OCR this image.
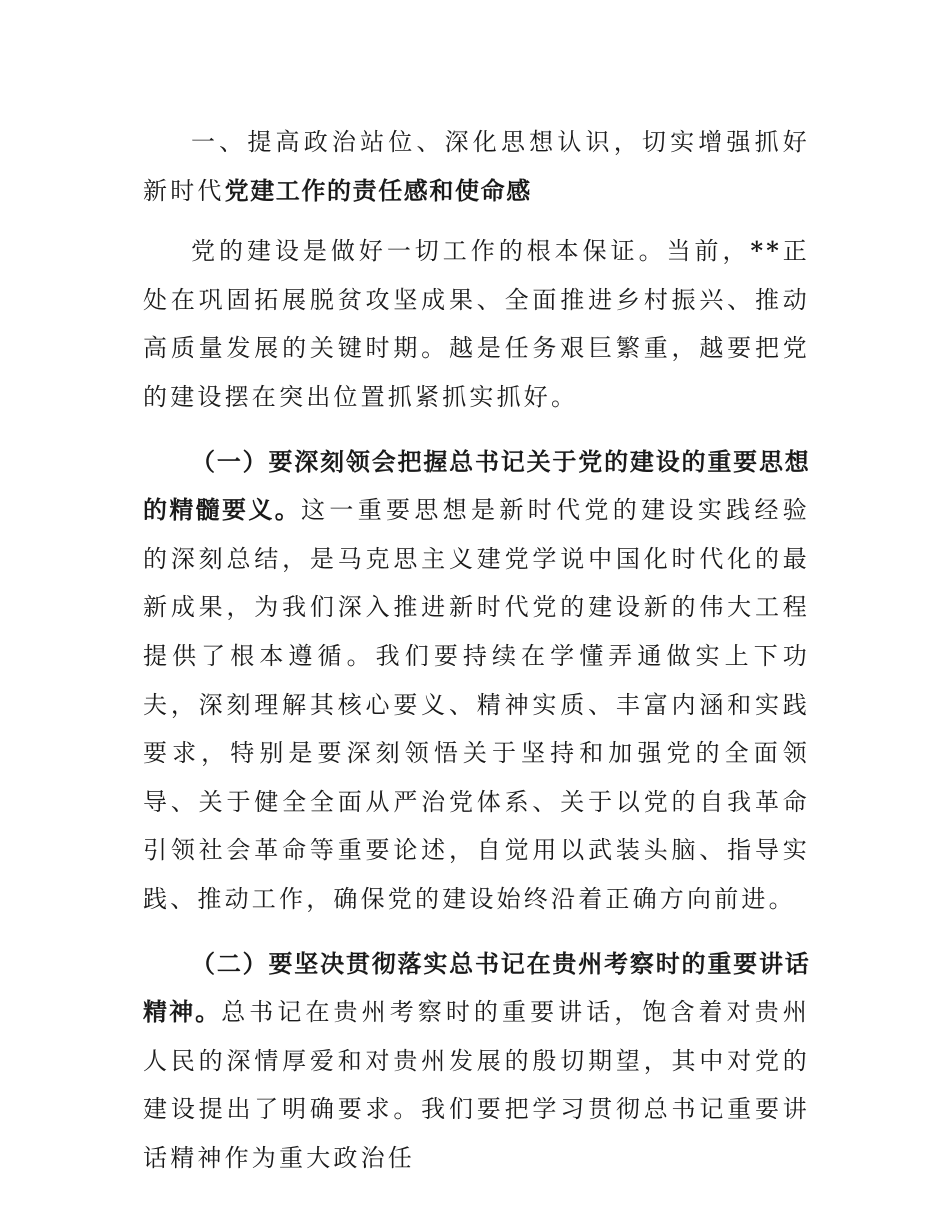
一、提高政治站位、深化思想认识，切实增强抓好新时代党建工作的责任感和使命感

党的建设是做好一切工作的根本保证。当前，**正处在巩固拓展脱贫攻坚成果、全面推进乡村振兴、推动高质量发展的关键时期。越是任务艰巨繁重，越要把党的建设摆在突出位置抓紧抓实抓好。

（一）要深刻领会把握总书记关于党的建设的重要思想的精髓要义。这一重要思想是新时代党的建设实践经验的深刻总结，是马克思主义建党学说中国化时代化的最新成果，为我们深入推进新时代党的建设新的伟大工程提供了根本遵循。我们要持续在学懂弄通做实上下功夫，深刻理解其核心要义、精神实质、丰富内涵和实践要求，特别是要深刻领悟关于坚持和加强党的全面领导、关于健全全面从严治党体系、关于以党的自我革命引领社会革命等重要论述，自觉用以武装头脑、指导实践、推动工作，确保党的建设始终沿着正确方向前进。

（二）要坚决贯彻落实总书记在贵州考察时的重要讲话精神。总书记在贵州考察时的重要讲话，饱含着对贵州人民的深情厚爱和对贵州发展的殷切期望，其中对党的建设提出了明确要求。我们要把学习贯彻总书记重要讲话精神作为重大政治任
